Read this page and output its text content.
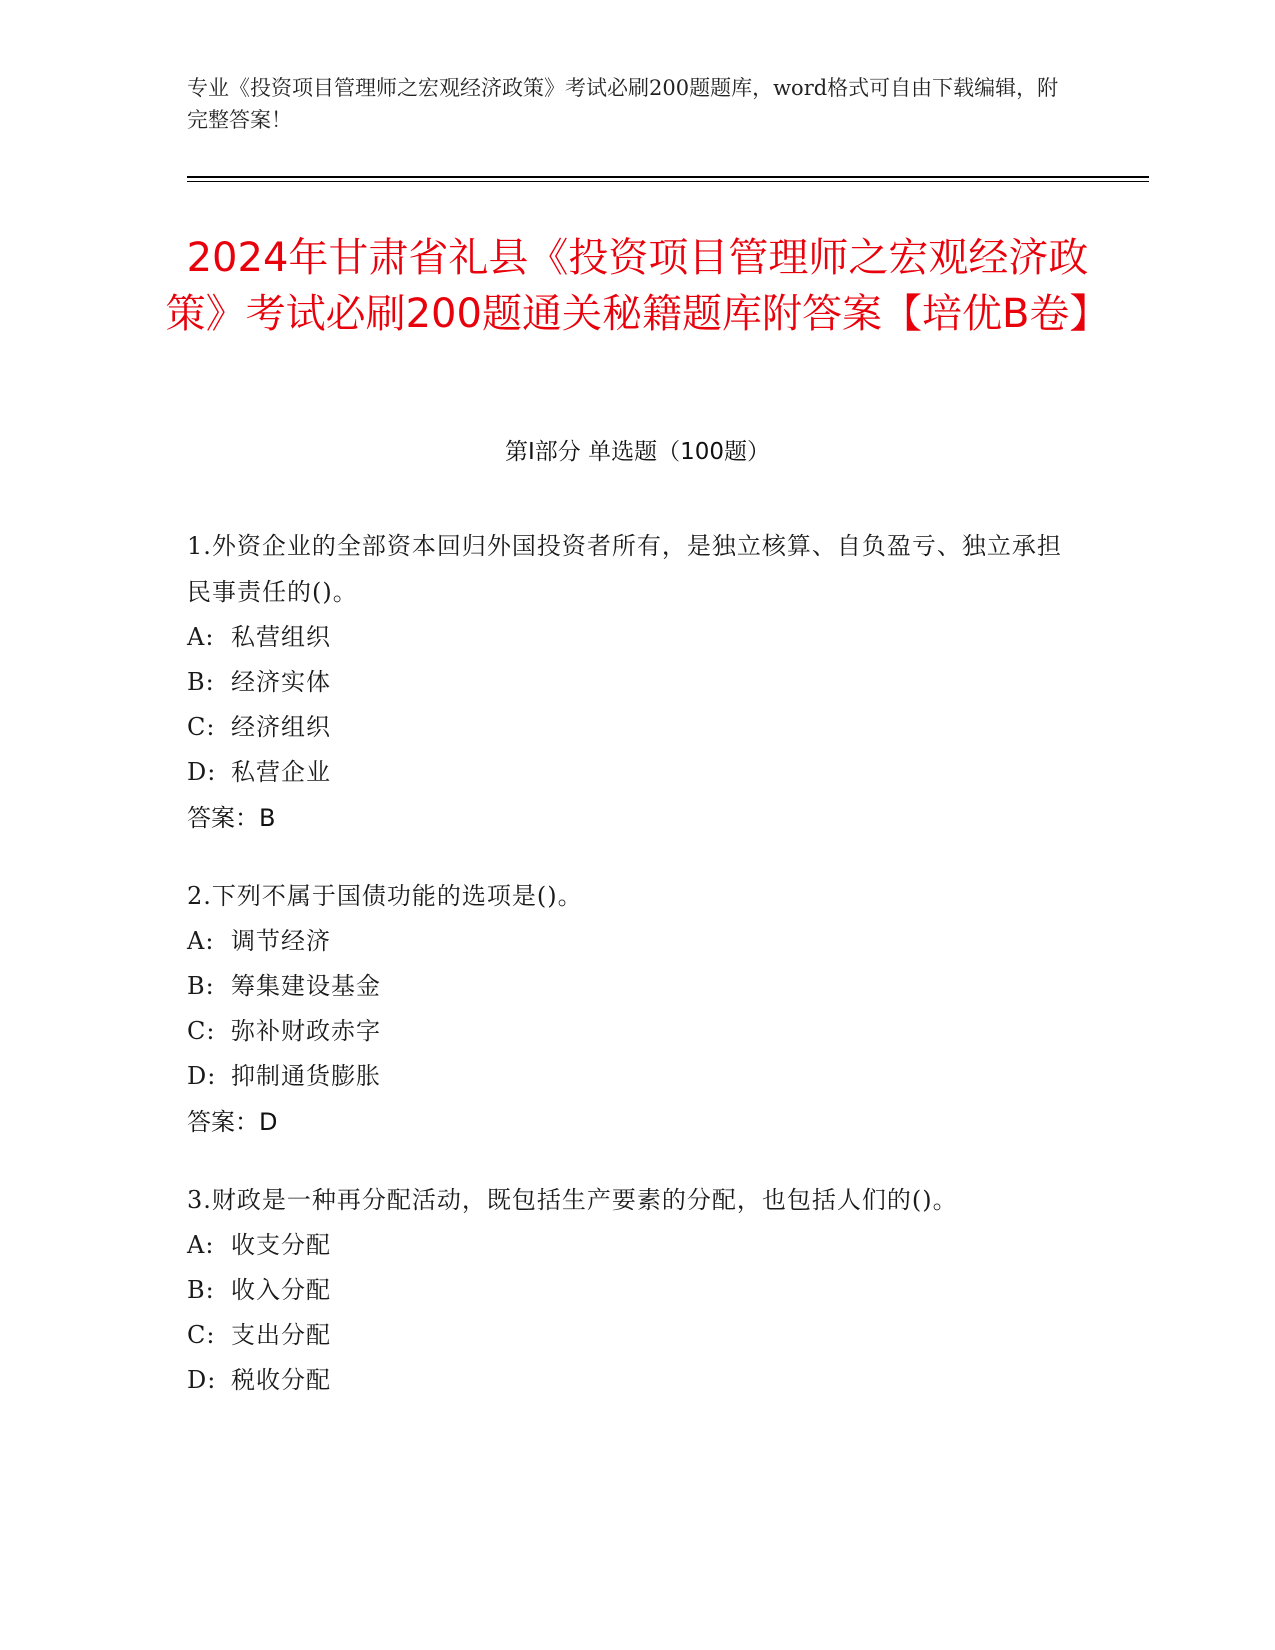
专业《投资项目管理师之宏观经济政策》考试必刷200题题库，word格式可自由下载编辑，附完整答案！
2024年甘肃省礼县《投资项目管理师之宏观经济政策》考试必刷200题通关秘籍题库附答案【培优B卷】
第I部分 单选题（100题）
1.外资企业的全部资本回归外国投资者所有，是独立核算、自负盈亏、独立承担民事责任的()。
A: 私营组织
B: 经济实体
C: 经济组织
D: 私营企业
答案：B
2.下列不属于国债功能的选项是()。
A: 调节经济
B: 筹集建设基金
C: 弥补财政赤字
D: 抑制通货膨胀
答案：D
3.财政是一种再分配活动，既包括生产要素的分配，也包括人们的()。
A: 收支分配
B: 收入分配
C: 支出分配
D: 税收分配
